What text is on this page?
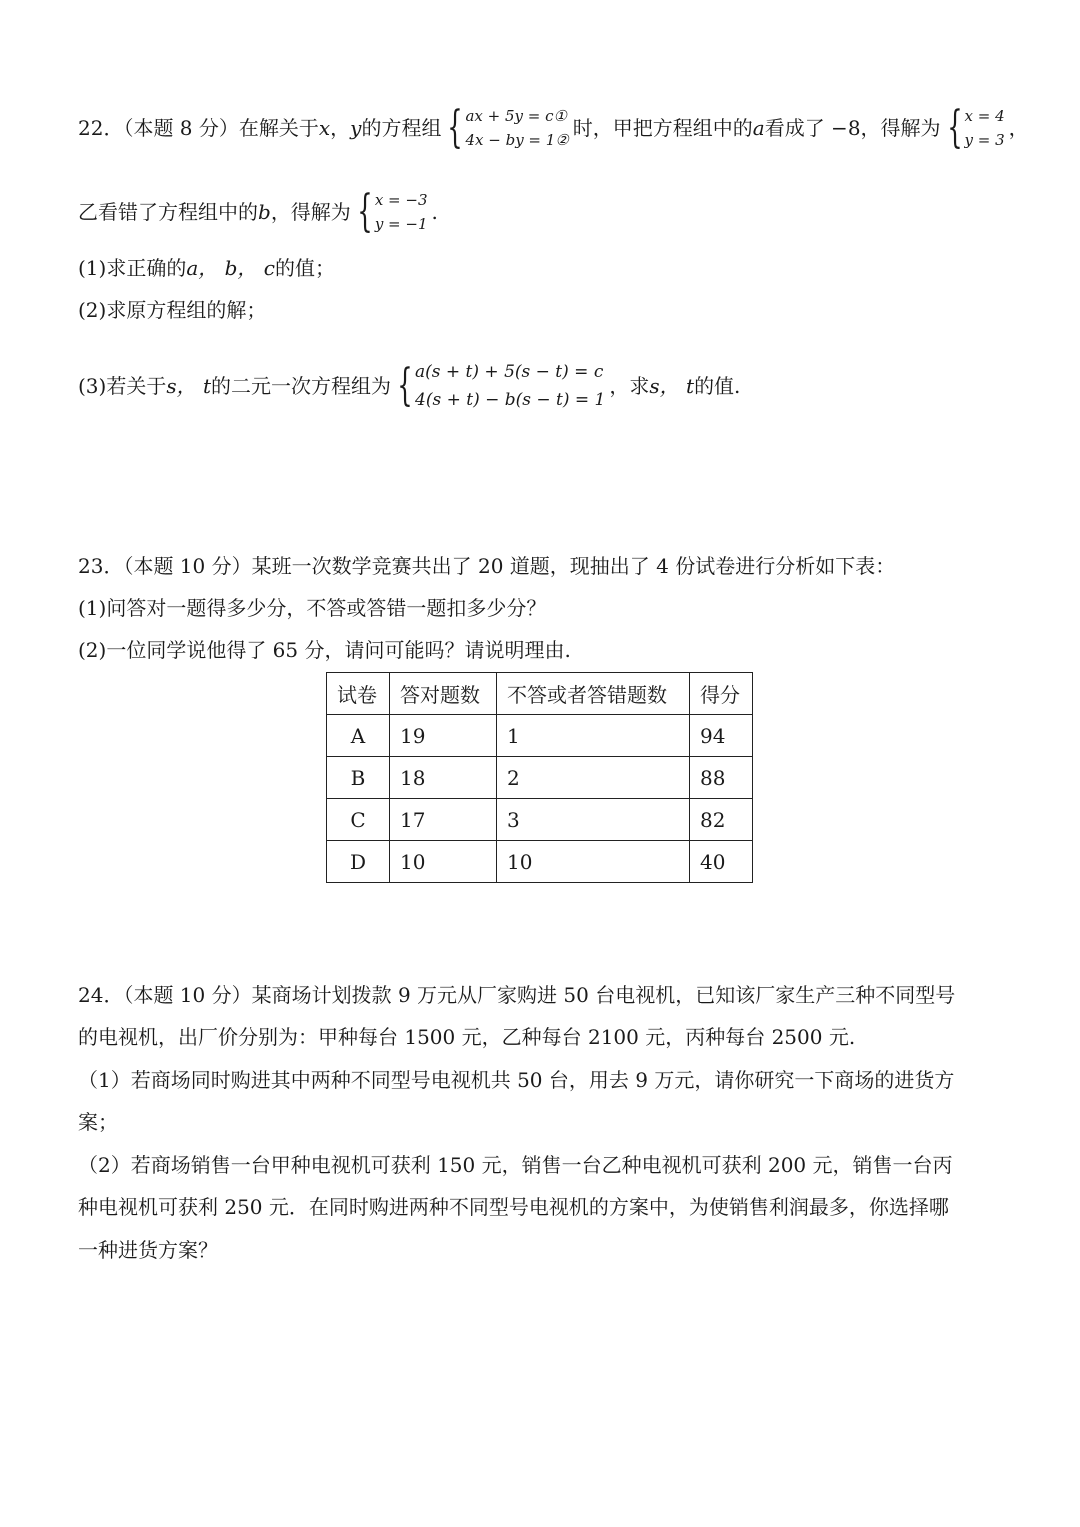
22．（本题 8 分）在解关于 x ， y 的方程组 { ax + 5y = c①
4x − by = 1② 时，甲把方程组中的 a 看成了 −8，得解为 { x = 4
y = 3 ，
乙看错了方程组中的 b ，得解为 { x = −3
y = −1 .
(1)求正确的 a， b， c 的值；
(2)求原方程组的解；
(3)若关于 s， t 的二元一次方程组为 { a(s + t) + 5(s − t) = c
4(s + t) − b(s − t) = 1
，求 s， t 的值.
23．（本题 10 分）某班一次数学竞赛共出了 20 道题，现抽出了 4 份试卷进行分析如下表：
(1)问答对一题得多少分，不答或答错一题扣多少分？
(2)一位同学说他得了 65 分，请问可能吗？请说明理由.
试卷	答对题数	不答或者答错题数	得分
A	19	1	94
B	18	2	88
C	17	3	82
D	10	10	40
24．（本题 10 分）某商场计划拨款 9 万元从厂家购进 50 台电视机，已知该厂家生产三种不同型号
的电视机，出厂价分别为：甲种每台 1500 元，乙种每台 2100 元，丙种每台 2500 元.
（1）若商场同时购进其中两种不同型号电视机共 50 台，用去 9 万元，请你研究一下商场的进货方
案；
（2）若商场销售一台甲种电视机可获利 150 元，销售一台乙种电视机可获利 200 元，销售一台丙
种电视机可获利 250 元．在同时购进两种不同型号电视机的方案中，为使销售利润最多，你选择哪
一种进货方案？
